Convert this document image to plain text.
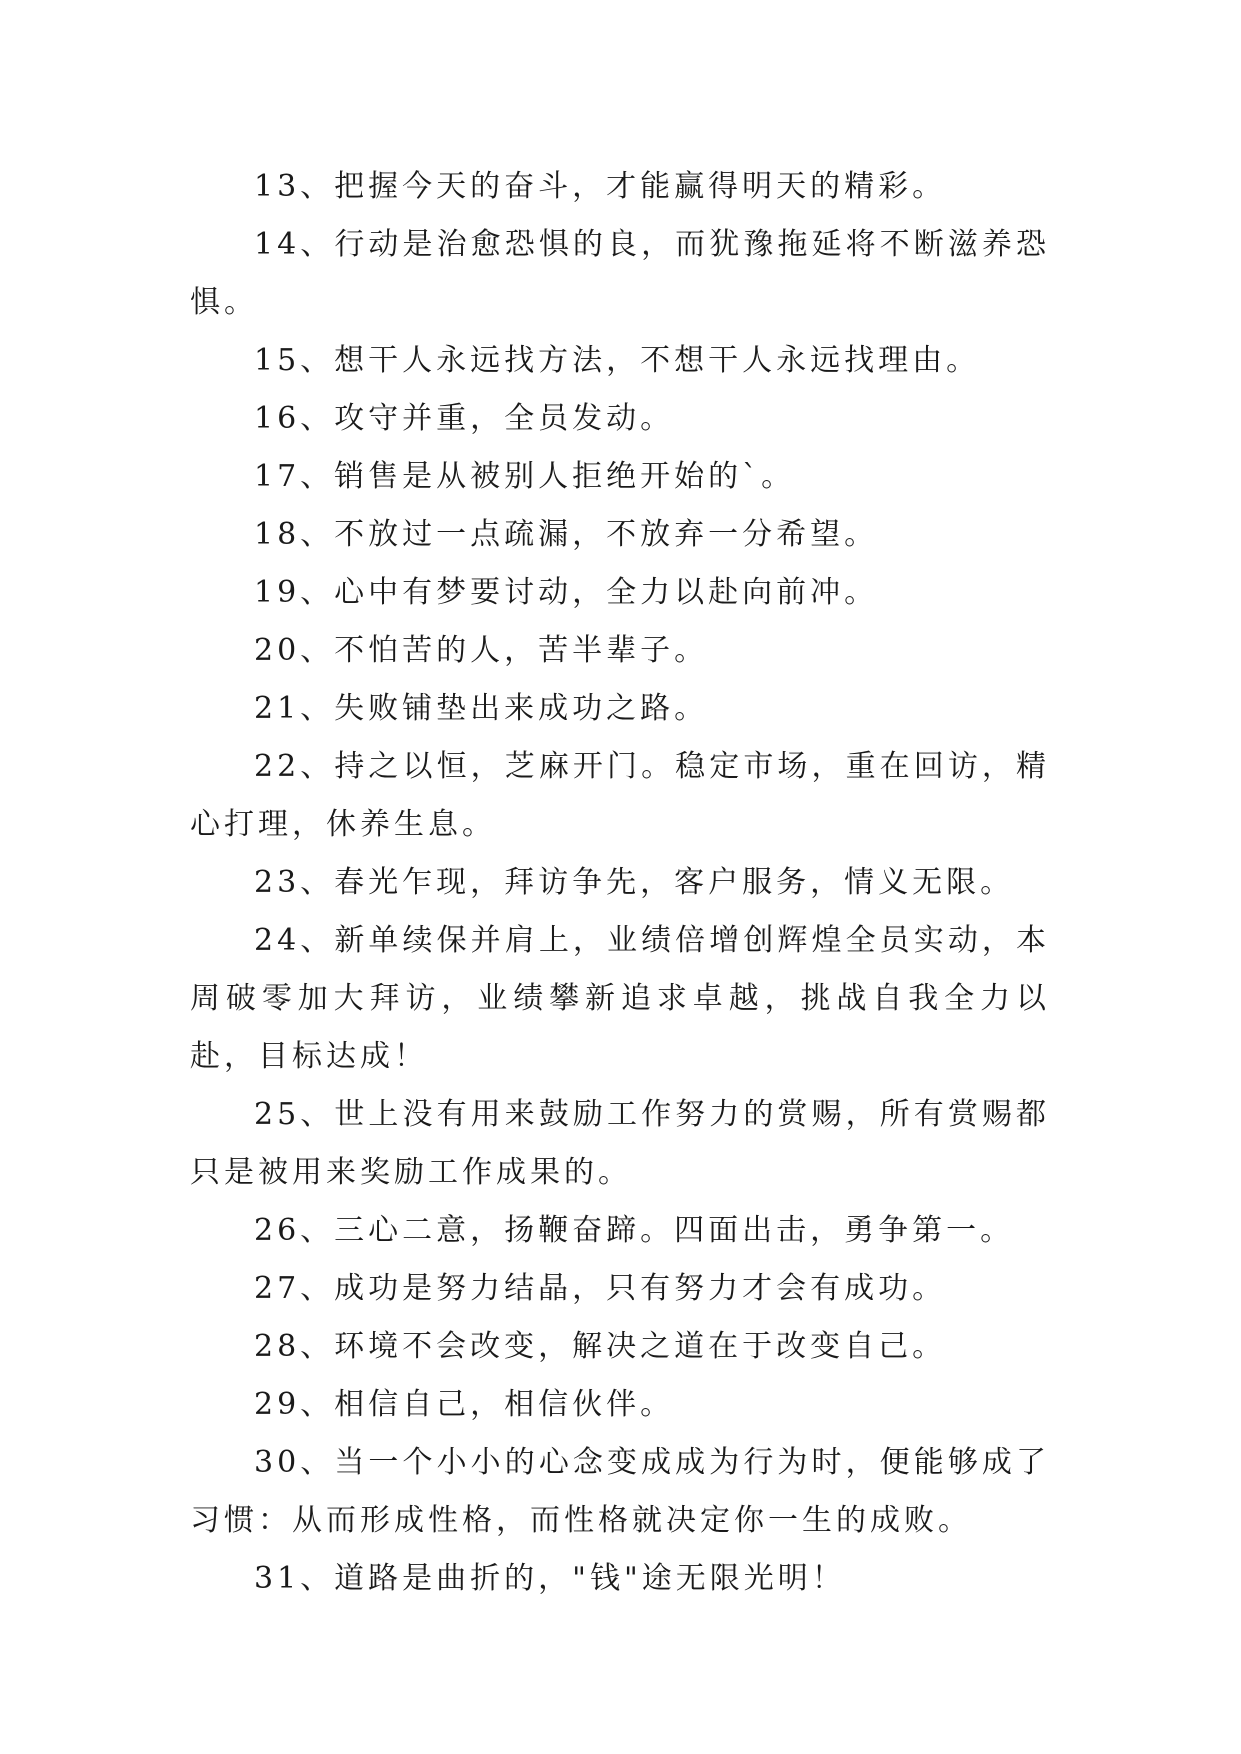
13、把握今天的奋斗，才能赢得明天的精彩。

14、行动是治愈恐惧的良，而犹豫拖延将不断滋养恐惧。

15、想干人永远找方法，不想干人永远找理由。

16、攻守并重，全员发动。

17、销售是从被别人拒绝开始的`。

18、不放过一点疏漏，不放弃一分希望。

19、心中有梦要讨动，全力以赴向前冲。

20、不怕苦的人，苦半辈子。

21、失败铺垫出来成功之路。

22、持之以恒，芝麻开门。稳定市场，重在回访，精心打理，休养生息。

23、春光乍现，拜访争先，客户服务，情义无限。

24、新单续保并肩上，业绩倍增创辉煌全员实动，本周破零加大拜访，业绩攀新追求卓越，挑战自我全力以赴，目标达成！

25、世上没有用来鼓励工作努力的赏赐，所有赏赐都只是被用来奖励工作成果的。

26、三心二意，扬鞭奋蹄。四面出击，勇争第一。

27、成功是努力结晶，只有努力才会有成功。

28、环境不会改变，解决之道在于改变自己。

29、相信自己，相信伙伴。

30、当一个小小的心念变成成为行为时，便能够成了习惯：从而形成性格，而性格就决定你一生的成败。

31、道路是曲折的，"钱"途无限光明！
